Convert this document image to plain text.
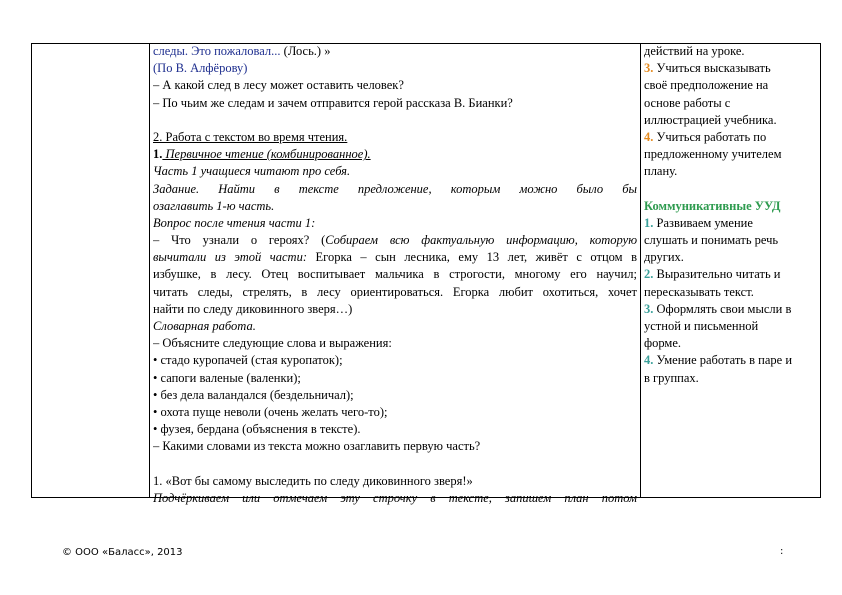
следы. Это пожаловал... (Лось.) »
(По В. Алфёрову)
– А какой след в лесу может оставить человек?
– По чьим же следам и зачем отправится герой рассказа В. Бианки?
2. Работа с текстом во время чтения.
1. Первичное чтение (комбинированное).
Часть 1 учащиеся читают про себя.
Задание. Найти в тексте предложение, которым можно было бы
озаглавить 1-ю часть.
Вопрос после чтения части 1:
– Что узнали о героях? (Собираем всю фактуальную информацию, которую
вычитали из этой части: Егорка – сын лесника, ему 13 лет, живёт с отцом в
избушке, в лесу. Отец воспитывает мальчика в строгости, многому его научил;
читать следы, стрелять, в лесу ориентироваться. Егорка любит охотиться, хочет
найти по следу диковинного зверя…)
Словарная работа.
– Объясните следующие слова и выражения:
• стадо куропачей (стая куропаток);
• сапоги валеные (валенки);
• без дела валандался (бездельничал);
• охота пуще неволи (очень желать чего-то);
• фузея, бердана (объяснения в тексте).
– Какими словами из текста можно озаглавить первую часть?
1. «Вот бы самому выследить по следу диковинного зверя!»
Подчёркиваем или отмечаем эту строчку в тексте, запишем план потом
действий на уроке.
3. Учиться высказывать
своё предположение на
основе работы с
иллюстрацией учебника.
4. Учиться работать по
предложенному учителем
плану.
Коммуникативные УУД
1. Развиваем умение
слушать и понимать речь
других.
2. Выразительно читать и
пересказывать текст.
3. Оформлять свои мысли в
устной и письменной
форме.
4. Умение работать в паре и
в группах.
© ООО «Баласс», 2013	:
